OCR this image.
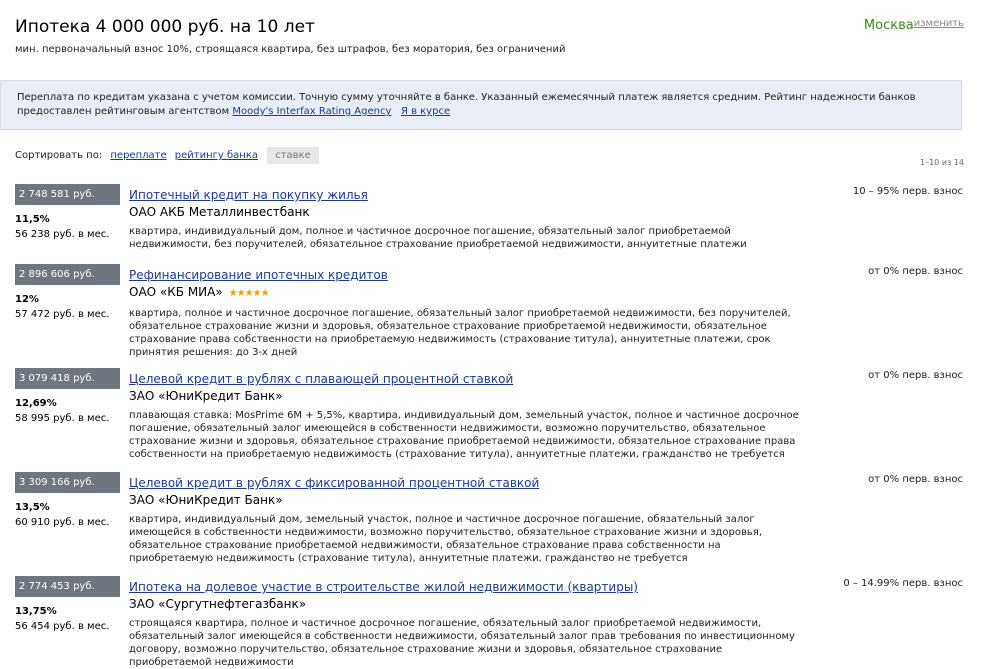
Ипотека 4 000 000 руб. на 10 лет
мин. первоначальный взнос 10%, строящаяся квартира, без штрафов, без моратория, без ограничений
Москва$^{изменить}$
Переплата по кредитам указана с учетом комиссии. Точную сумму уточняйте в банке. Указанный ежемесячный платеж является средним. Рейтинг надежности банков предоставлен рейтинговым агентством Moody's Interfax Rating Agency Я в курсе
Сортировать по: переплате рейтингу банка ставке
1–10 из 14
2 748 581 руб.
11,5%
56 238 руб. в мес.
Ипотечный кредит на покупку жилья
ОАО АКБ Металлинвестбанк
квартира, индивидуальный дом, полное и частичное досрочное погашение, обязательный залог приобретаемой недвижимости, без поручителей, обязательное страхование приобретаемой недвижимости, аннуитетные платежи
10 – 95% перв. взнос
2 896 606 руб.
12%
57 472 руб. в мес.
Рефинансирование ипотечных кредитов
ОАО «КБ МИА» ★★★★★
квартира, полное и частичное досрочное погашение, обязательный залог приобретаемой недвижимости, без поручителей, обязательное страхование жизни и здоровья, обязательное страхование приобретаемой недвижимости, обязательное страхование права собственности на приобретаемую недвижимость (страхование титула), аннуитетные платежи, срок принятия решения: до 3-х дней
от 0% перв. взнос
3 079 418 руб.
12,69%
58 995 руб. в мес.
Целевой кредит в рублях с плавающей процентной ставкой
ЗАО «ЮниКредит Банк»
плавающая ставка: MosPrime 6M + 5,5%, квартира, индивидуальный дом, земельный участок, полное и частичное досрочное погашение, обязательный залог имеющейся в собственности недвижимости, возможно поручительство, обязательное страхование жизни и здоровья, обязательное страхование приобретаемой недвижимости, обязательное страхование права собственности на приобретаемую недвижимость (страхование титула), аннуитетные платежи, гражданство не требуется
от 0% перв. взнос
3 309 166 руб.
13,5%
60 910 руб. в мес.
Целевой кредит в рублях с фиксированной процентной ставкой
ЗАО «ЮниКредит Банк»
квартира, индивидуальный дом, земельный участок, полное и частичное досрочное погашение, обязательный залог имеющейся в собственности недвижимости, возможно поручительство, обязательное страхование жизни и здоровья, обязательное страхование приобретаемой недвижимости, обязательное страхование права собственности на приобретаемую недвижимость (страхование титула), аннуитетные платежи, гражданство не требуется
от 0% перв. взнос
2 774 453 руб.
13,75%
56 454 руб. в мес.
Ипотека на долевое участие в строительстве жилой недвижимости (квартиры)
ЗАО «Сургутнефтегазбанк»
строящаяся квартира, полное и частичное досрочное погашение, обязательный залог приобретаемой недвижимости, обязательный залог имеющейся в собственности недвижимости, обязательный залог прав требования по инвестиционному договору, возможно поручительство, обязательное страхование жизни и здоровья, обязательное страхование приобретаемой недвижимости
0 – 14.99% перв. взнос
